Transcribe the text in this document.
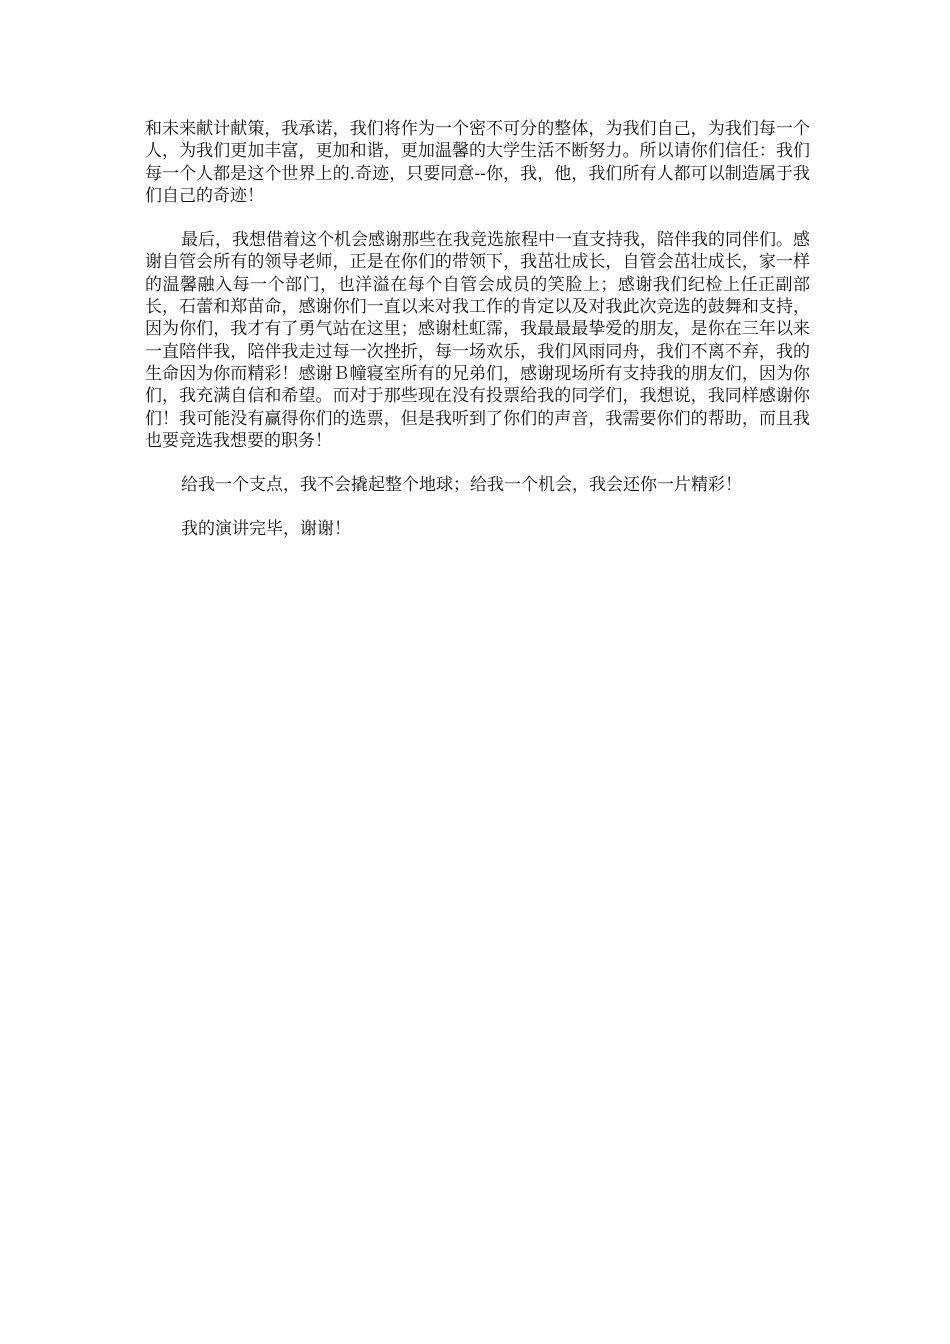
和未来献计献策，我承诺，我们将作为一个密不可分的整体，为我们自己，为我们每一个人，为我们更加丰富，更加和谐，更加温馨的大学生活不断努力。所以请你们信任：我们每一个人都是这个世界上的.奇迹，只要同意--你，我，他，我们所有人都可以制造属于我们自己的奇迹！

最后，我想借着这个机会感谢那些在我竞选旅程中一直支持我，陪伴我的同伴们。感谢自管会所有的领导老师，正是在你们的带领下，我茁壮成长，自管会茁壮成长，家一样的温馨融入每一个部门，也洋溢在每个自管会成员的笑脸上；感谢我们纪检上任正副部长，石蕾和郑苗命，感谢你们一直以来对我工作的肯定以及对我此次竞选的鼓舞和支持，因为你们，我才有了勇气站在这里；感谢杜虹霈，我最最最挚爱的朋友，是你在三年以来一直陪伴我，陪伴我走过每一次挫折，每一场欢乐，我们风雨同舟，我们不离不弃，我的生命因为你而精彩！感谢Ｂ幢寝室所有的兄弟们，感谢现场所有支持我的朋友们，因为你们，我充满自信和希望。而对于那些现在没有投票给我的同学们，我想说，我同样感谢你们！我可能没有赢得你们的选票，但是我听到了你们的声音，我需要你们的帮助，而且我也要竞选我想要的职务！

给我一个支点，我不会撬起整个地球；给我一个机会，我会还你一片精彩！

我的演讲完毕，谢谢！
